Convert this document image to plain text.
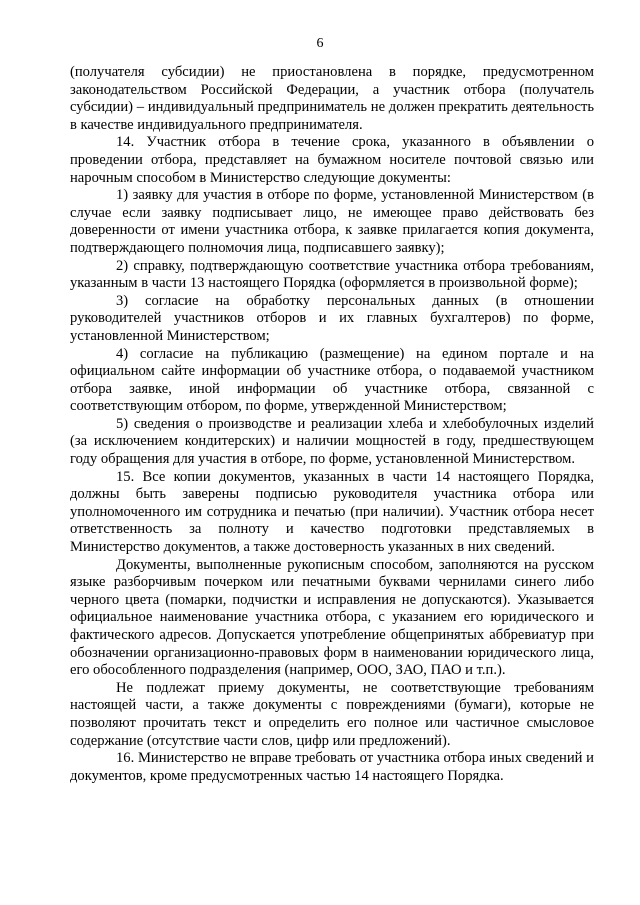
6

(получателя субсидии) не приостановлена в порядке, предусмотренном законодательством Российской Федерации, а участник отбора (получатель субсидии) – индивидуальный предприниматель не должен прекратить деятельность в качестве индивидуального предпринимателя.

14. Участник отбора в течение срока, указанного в объявлении о проведении отбора, представляет на бумажном носителе почтовой связью или нарочным способом в Министерство следующие документы:

1) заявку для участия в отборе по форме, установленной Министерством (в случае если заявку подписывает лицо, не имеющее право действовать без доверенности от имени участника отбора, к заявке прилагается копия документа, подтверждающего полномочия лица, подписавшего заявку);

2) справку, подтверждающую соответствие участника отбора требованиям, указанным в части 13 настоящего Порядка (оформляется в произвольной форме);

3) согласие на обработку персональных данных (в отношении руководителей участников отборов и их главных бухгалтеров) по форме, установленной Министерством;

4) согласие на публикацию (размещение) на едином портале и на официальном сайте информации об участнике отбора, о подаваемой участником отбора заявке, иной информации об участнике отбора, связанной с соответствующим отбором, по форме, утвержденной Министерством;

5) сведения о производстве и реализации хлеба и хлебобулочных изделий (за исключением кондитерских) и наличии мощностей в году, предшествующем году обращения для участия в отборе, по форме, установленной Министерством.

15. Все копии документов, указанных в части 14 настоящего Порядка, должны быть заверены подписью руководителя участника отбора или уполномоченного им сотрудника и печатью (при наличии). Участник отбора несет ответственность за полноту и качество подготовки представляемых в Министерство документов, а также достоверность указанных в них сведений.

Документы, выполненные рукописным способом, заполняются на русском языке разборчивым почерком или печатными буквами чернилами синего либо черного цвета (помарки, подчистки и исправления не допускаются). Указывается официальное наименование участника отбора, с указанием его юридического и фактического адресов. Допускается употребление общепринятых аббревиатур при обозначении организационно-правовых форм в наименовании юридического лица, его обособленного подразделения (например, ООО, ЗАО, ПАО и т.п.).

Не подлежат приему документы, не соответствующие требованиям настоящей части, а также документы с повреждениями (бумаги), которые не позволяют прочитать текст и определить его полное или частичное смысловое содержание (отсутствие части слов, цифр или предложений).

16. Министерство не вправе требовать от участника отбора иных сведений и документов, кроме предусмотренных частью 14 настоящего Порядка.
